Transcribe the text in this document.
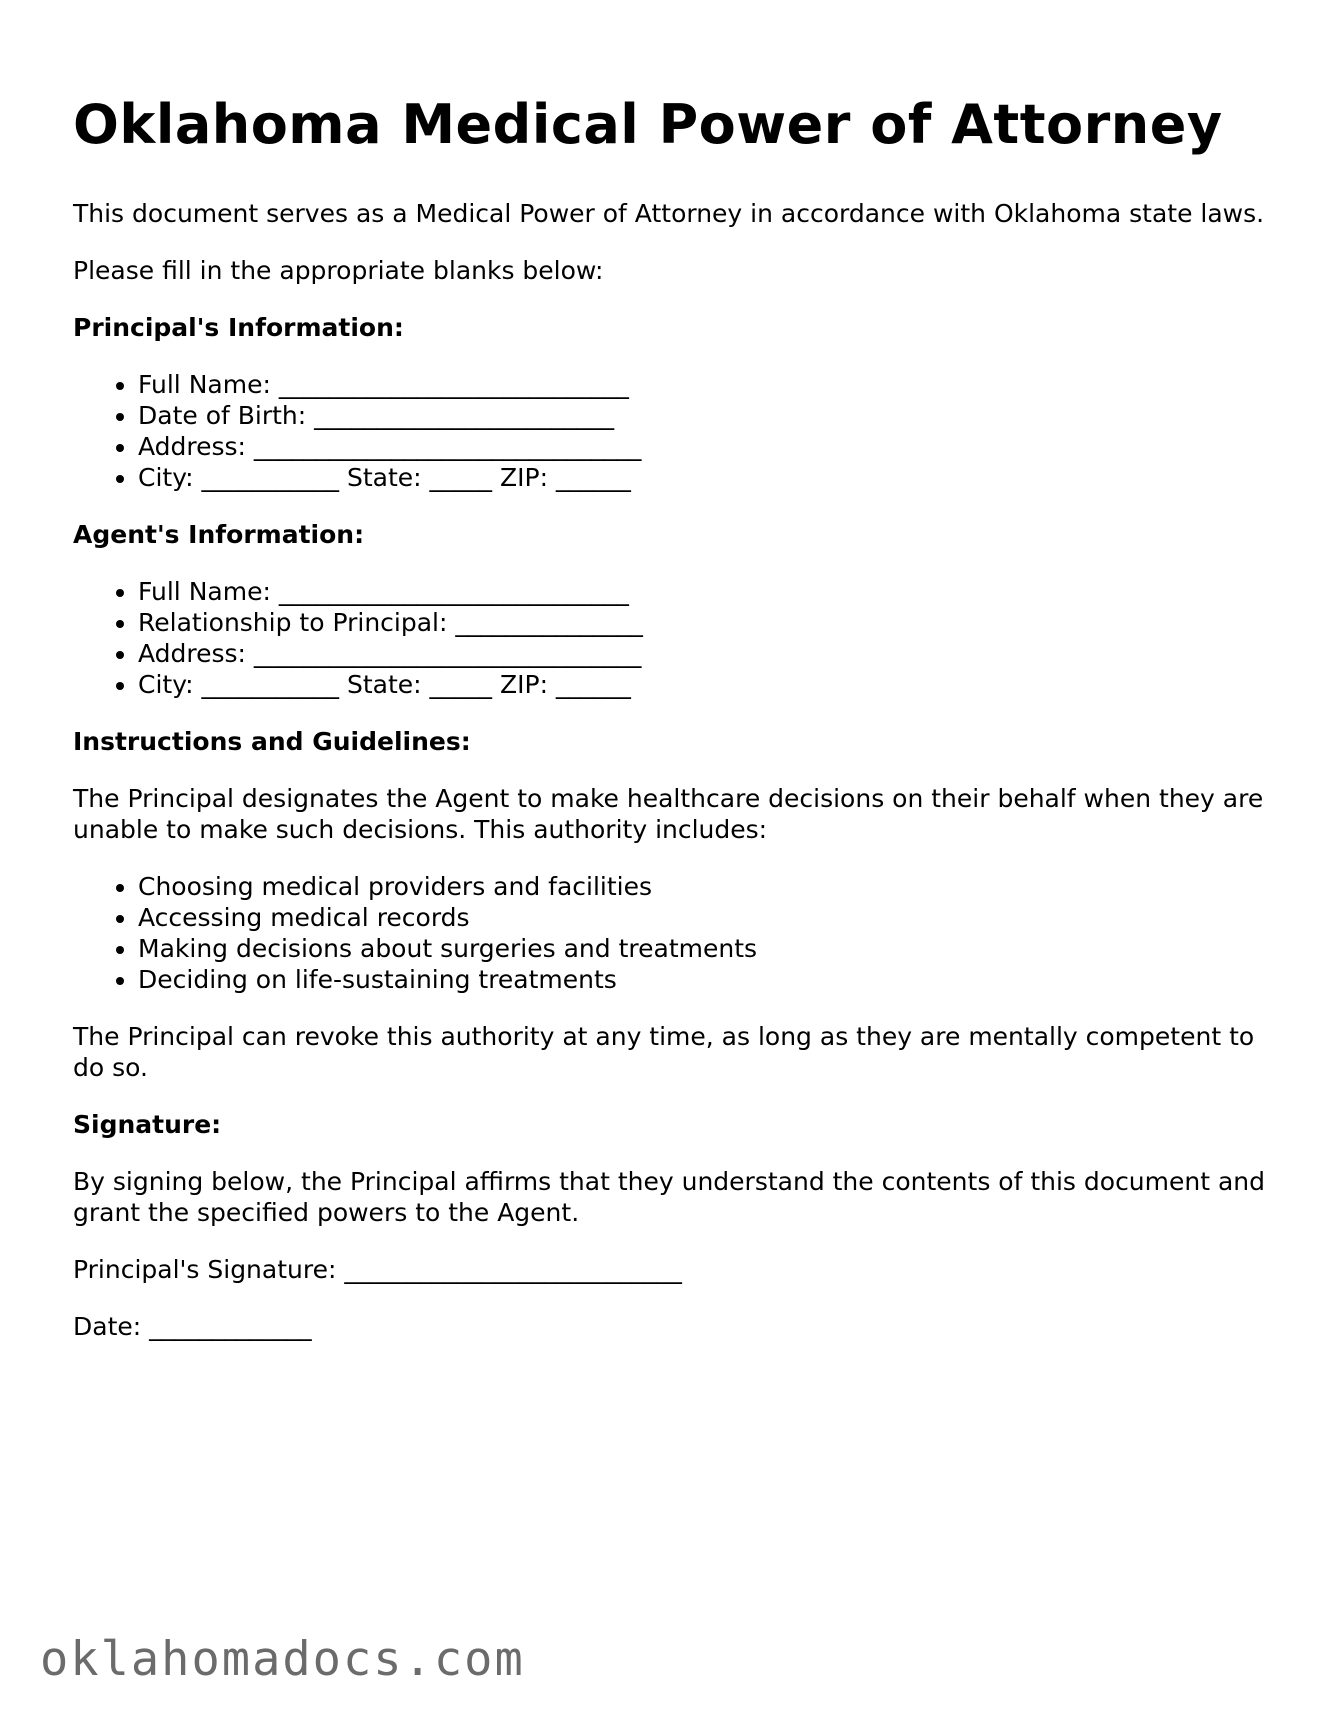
Oklahoma Medical Power of Attorney

This document serves as a Medical Power of Attorney in accordance with Oklahoma state laws.

Please fill in the appropriate blanks below:

Principal's Information:
• Full Name: ____________________________
• Date of Birth: ________________________
• Address: _______________________________
• City: ___________ State: _____ ZIP: ______
Agent's Information:
• Full Name: ____________________________
• Relationship to Principal: _______________
• Address: _______________________________
• City: ___________ State: _____ ZIP: ______
Instructions and Guidelines:

The Principal designates the Agent to make healthcare decisions on their behalf when they are unable to make such decisions. This authority includes:

• Choosing medical providers and facilities
• Accessing medical records
• Making decisions about surgeries and treatments
• Deciding on life-sustaining treatments

The Principal can revoke this authority at any time, as long as they are mentally competent to do so.

Signature:

By signing below, the Principal affirms that they understand the contents of this document and grant the specified powers to the Agent.

Principal's Signature: ___________________________

Date: _____________

oklahomadocs.com
